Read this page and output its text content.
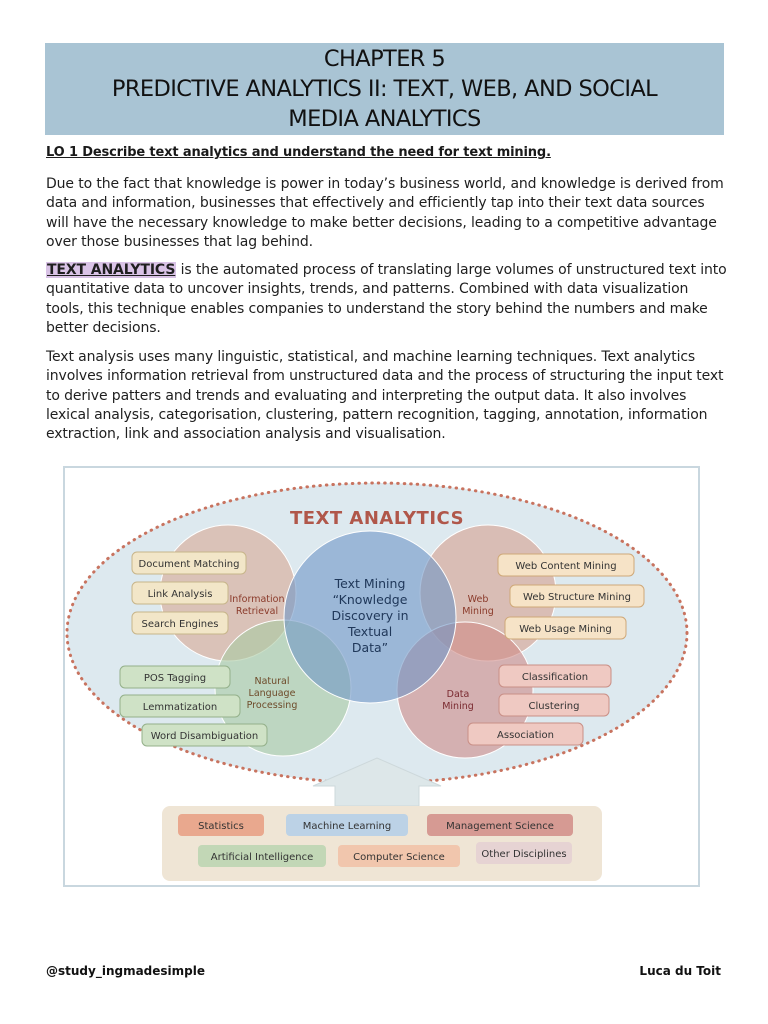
CHAPTER 5
PREDICTIVE ANALYTICS II: TEXT, WEB, AND SOCIAL
MEDIA ANALYTICS
LO 1 Describe text analytics and understand the need for text mining.
Due to the fact that knowledge is power in today’s business world, and knowledge is derived from data and information, businesses that effectively and efficiently tap into their text data sources will have the necessary knowledge to make better decisions, leading to a competitive advantage over those businesses that lag behind.
TEXT ANALYTICS is the automated process of translating large volumes of unstructured text into quantitative data to uncover insights, trends, and patterns. Combined with data visualization tools, this technique enables companies to understand the story behind the numbers and make better decisions.
Text analysis uses many linguistic, statistical, and machine learning techniques. Text analytics involves information retrieval from unstructured data and the process of structuring the input text to derive patters and trends and evaluating and interpreting the output data. It also involves lexical analysis, categorisation, clustering, pattern recognition, tagging, annotation, information extraction, link and association analysis and visualisation.
TEXT ANALYTICS
Text Mining
“Knowledge
Discovery in
Textual
Data”
Information
Retrieval
Web
Mining
Natural
Language
Processing
Data
Mining
Document Matching
Link Analysis
Search Engines
POS Tagging
Lemmatization
Word Disambiguation
Web Content Mining
Web Structure Mining
Web Usage Mining
Classification
Clustering
Association
Statistics	Machine Learning	Management Science
Artificial Intelligence	Computer Science	Other Disciplines
@study_ingmadesimple	Luca du Toit
